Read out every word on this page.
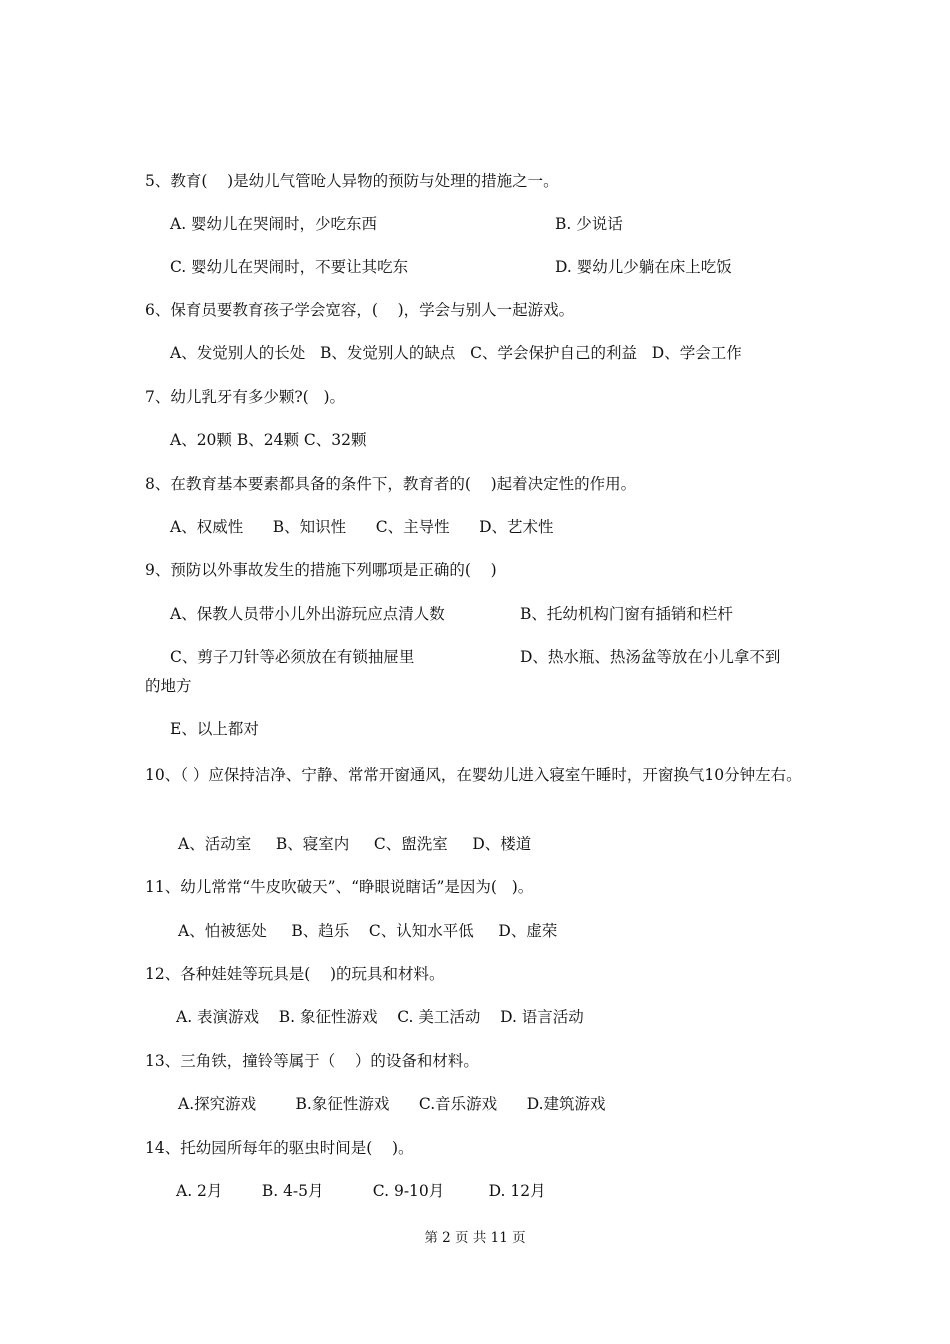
5、教育(    )是幼儿气管呛人异物的预防与处理的措施之一。
A. 婴幼儿在哭闹时，少吃东西	B. 少说话
C. 婴幼儿在哭闹时，不要让其吃东	D. 婴幼儿少躺在床上吃饭
6、保育员要教育孩子学会宽容，(    )，学会与别人一起游戏。
A、发觉别人的长处   B、发觉别人的缺点   C、学会保护自己的利益   D、学会工作
7、幼儿乳牙有多少颗?(   )。
A、20颗 B、24颗 C、32颗
8、在教育基本要素都具备的条件下，教育者的(    )起着决定性的作用。
A、权威性      B、知识性      C、主导性      D、艺术性
9、预防以外事故发生的措施下列哪项是正确的(    )
A、保教人员带小儿外出游玩应点清人数	B、托幼机构门窗有插销和栏杆
C、剪子刀针等必须放在有锁抽屉里	D、热水瓶、热汤盆等放在小儿拿不到
的地方
E、以上都对
10、（ ）应保持洁净、宁静、常常开窗通风，在婴幼儿进入寝室午睡时，开窗换气10分钟左右。
A、活动室     B、寝室内     C、盥洗室     D、楼道
11、幼儿常常“牛皮吹破天”、“睁眼说瞎话”是因为(   )。
A、怕被惩处     B、趋乐    C、认知水平低     D、虚荣
12、各种娃娃等玩具是(    )的玩具和材料。
A. 表演游戏    B. 象征性游戏    C. 美工活动    D. 语言活动
13、三角铁，撞铃等属于（    ）的设备和材料。
A.探究游戏        B.象征性游戏      C.音乐游戏      D.建筑游戏
14、托幼园所每年的驱虫时间是(    )。
A. 2月        B. 4-5月          C. 9-10月         D. 12月
第 2 页 共 11 页
